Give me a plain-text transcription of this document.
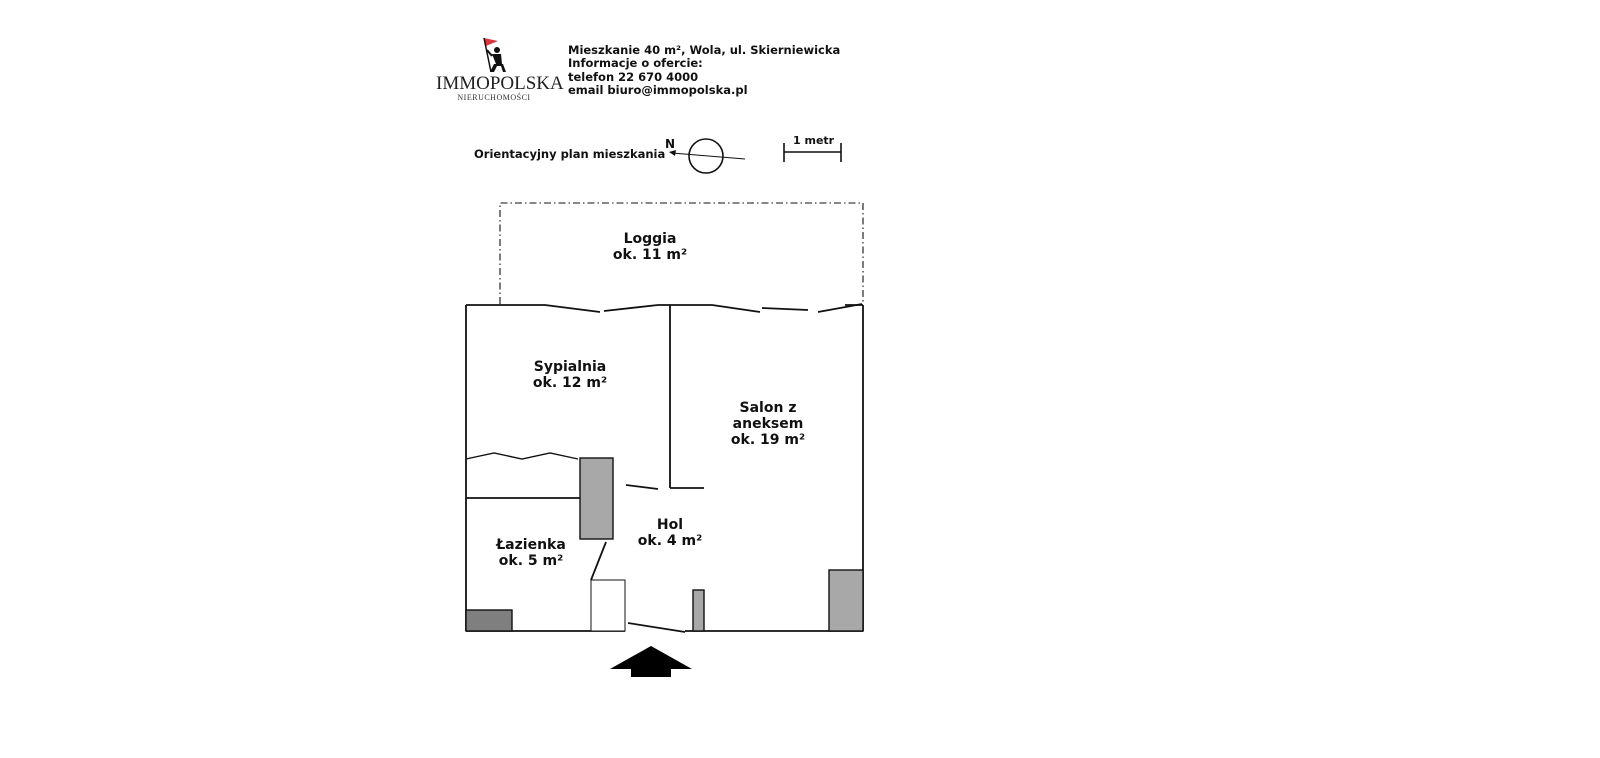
IMMOPOLSKA
NIERUCHOMOŚCI
Mieszkanie 40 m², Wola, ul. Skierniewicka
Informacje o ofercie:
telefon 22 670 4000
email biuro@immopolska.pl
Orientacyjny plan mieszkania
N	1 metr
Loggia
ok. 11 m²
Sypialnia
ok. 12 m²
Salon z
aneksem
ok. 19 m²
Hol
ok. 4 m²
Łazienka
ok. 5 m²
